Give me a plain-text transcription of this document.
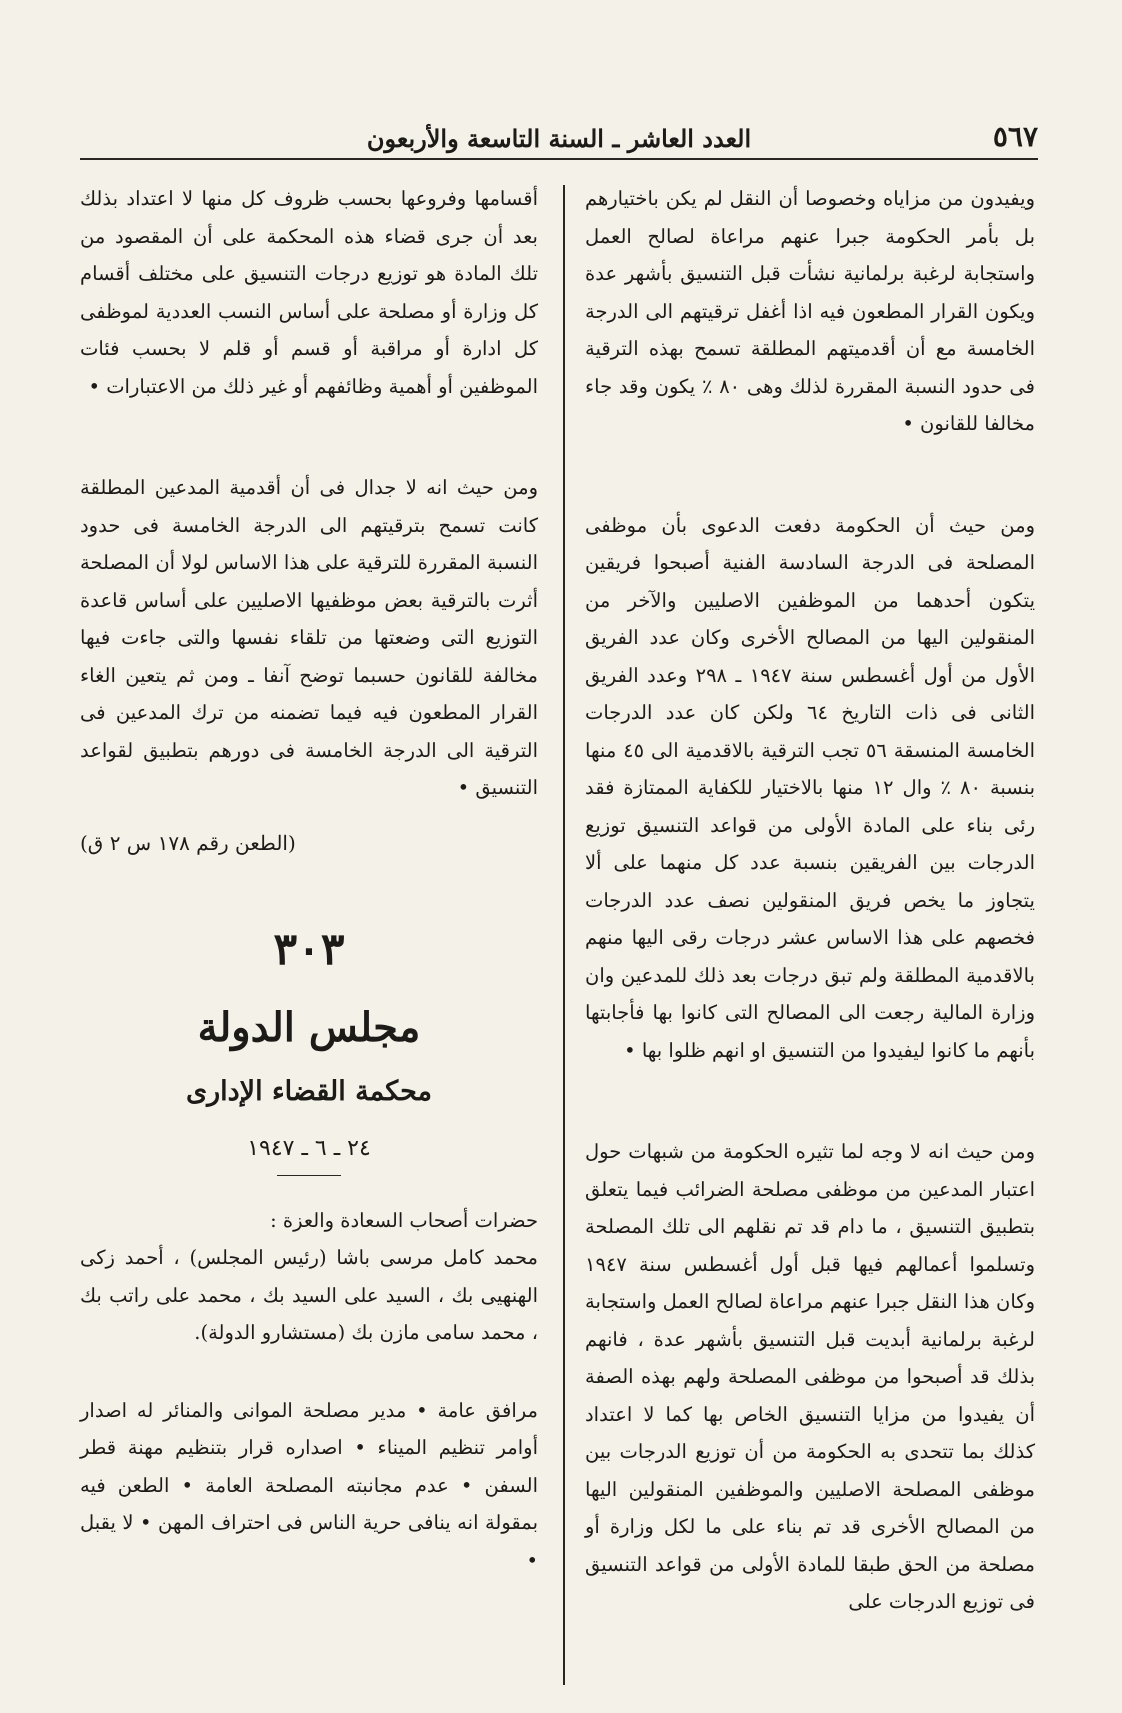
٥٦٧
العدد العاشر ـ السنة التاسعة والأربعون

ويفيدون من مزاياه وخصوصا أن النقل لم يكن باختيارهم بل بأمر الحكومة جبرا عنهم مراعاة لصالح العمل واستجابة لرغبة برلمانية نشأت قبل التنسيق بأشهر عدة ويكون القرار المطعون فيه اذا أغفل ترقيتهم الى الدرجة الخامسة مع أن أقدميتهم المطلقة تسمح بهذه الترقية فى حدود النسبة المقررة لذلك وهى ٨٠ ٪ يكون وقد جاء مخالفا للقانون •

ومن حيث أن الحكومة دفعت الدعوى بأن موظفى المصلحة فى الدرجة السادسة الفنية أصبحوا فريقين يتكون أحدهما من الموظفين الاصليين والآخر من المنقولين اليها من المصالح الأخرى وكان عدد الفريق الأول من أول أغسطس سنة ١٩٤٧ ـ ٢٩٨ وعدد الفريق الثانى فى ذات التاريخ ٦٤ ولكن كان عدد الدرجات الخامسة المنسقة ٥٦ تجب الترقية بالاقدمية الى ٤٥ منها بنسبة ٨٠ ٪ وال ١٢ منها بالاختيار للكفاية الممتازة فقد رئى بناء على المادة الأولى من قواعد التنسيق توزيع الدرجات بين الفريقين بنسبة عدد كل منهما على ألا يتجاوز ما يخص فريق المنقولين نصف عدد الدرجات فخصهم على هذا الاساس عشر درجات رقى اليها منهم بالاقدمية المطلقة ولم تبق درجات بعد ذلك للمدعين وان وزارة المالية رجعت الى المصالح التى كانوا بها فأجابتها بأنهم ما كانوا ليفيدوا من التنسيق او انهم ظلوا بها •

ومن حيث انه لا وجه لما تثيره الحكومة من شبهات حول اعتبار المدعين من موظفى مصلحة الضرائب فيما يتعلق بتطبيق التنسيق ، ما دام قد تم نقلهم الى تلك المصلحة وتسلموا أعمالهم فيها قبل أول أغسطس سنة ١٩٤٧ وكان هذا النقل جبرا عنهم مراعاة لصالح العمل واستجابة لرغبة برلمانية أبديت قبل التنسيق بأشهر عدة ، فانهم بذلك قد أصبحوا من موظفى المصلحة ولهم بهذه الصفة أن يفيدوا من مزايا التنسيق الخاص بها كما لا اعتداد كذلك بما تتحدى به الحكومة من أن توزيع الدرجات بين موظفى المصلحة الاصليين والموظفين المنقولين اليها من المصالح الأخرى قد تم بناء على ما لكل وزارة أو مصلحة من الحق طبقا للمادة الأولى من قواعد التنسيق فى توزيع الدرجات على

أقسامها وفروعها بحسب ظروف كل منها لا اعتداد بذلك بعد أن جرى قضاء هذه المحكمة على أن المقصود من تلك المادة هو توزيع درجات التنسيق على مختلف أقسام كل وزارة أو مصلحة على أساس النسب العددية لموظفى كل ادارة أو مراقبة أو قسم أو قلم لا بحسب فئات الموظفين أو أهمية وظائفهم أو غير ذلك من الاعتبارات •

ومن حيث انه لا جدال فى أن أقدمية المدعين المطلقة كانت تسمح بترقيتهم الى الدرجة الخامسة فى حدود النسبة المقررة للترقية على هذا الاساس لولا أن المصلحة أثرت بالترقية بعض موظفيها الاصليين على أساس قاعدة التوزيع التى وضعتها من تلقاء نفسها والتى جاءت فيها مخالفة للقانون حسبما توضح آنفا ـ ومن ثم يتعين الغاء القرار المطعون فيه فيما تضمنه من ترك المدعين فى الترقية الى الدرجة الخامسة فى دورهم بتطبيق لقواعد التنسيق •

(الطعن رقم ١٧٨ س ٢ ق)
٣٠٣
مجلس الدولة
محكمة القضاء الإدارى
٢٤ ـ ٦ ـ ١٩٤٧

حضرات أصحاب السعادة والعزة :

محمد كامل مرسى باشا (رئيس المجلس) ، أحمد زكى الهنهيى بك ، السيد على السيد بك ، محمد على راتب بك ، محمد سامى مازن بك (مستشارو الدولة).

مرافق عامة • مدير مصلحة الموانى والمنائر له اصدار أوامر تنظيم الميناء • اصداره قرار بتنظيم مهنة قطر السفن • عدم مجانبته المصلحة العامة • الطعن فيه بمقولة انه ينافى حرية الناس فى احتراف المهن • لا يقبل •
